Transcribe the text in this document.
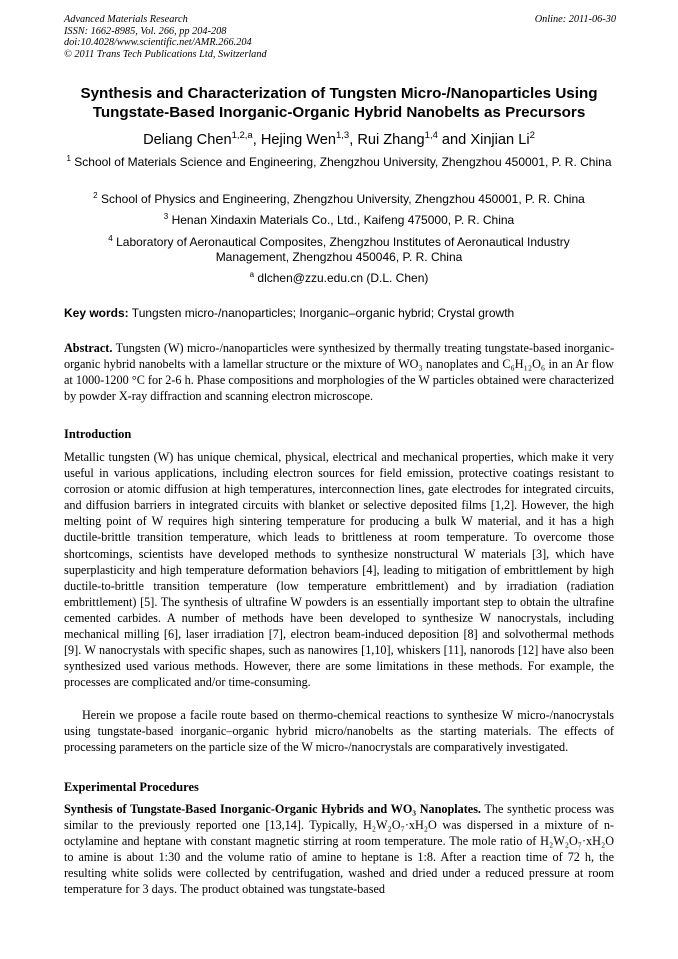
Advanced Materials Research
ISSN: 1662-8985, Vol. 266, pp 204-208
doi:10.4028/www.scientific.net/AMR.266.204
© 2011 Trans Tech Publications Ltd, Switzerland
Online: 2011-06-30
Synthesis and Characterization of Tungsten Micro-/Nanoparticles Using Tungstate-Based Inorganic-Organic Hybrid Nanobelts as Precursors
Deliang Chen$^{1,2,a}$, Hejing Wen$^{1,3}$, Rui Zhang$^{1,4}$ and Xinjian Li$^2$
$^1$ School of Materials Science and Engineering, Zhengzhou University, Zhengzhou 450001, P. R. China
$^2$ School of Physics and Engineering, Zhengzhou University, Zhengzhou 450001, P. R. China
$^3$ Henan Xindaxin Materials Co., Ltd., Kaifeng 475000, P. R. China
$^4$ Laboratory of Aeronautical Composites, Zhengzhou Institutes of Aeronautical Industry Management, Zhengzhou 450046, P. R. China
$^a$ dlchen@zzu.edu.cn (D.L. Chen)
Key words: Tungsten micro-/nanoparticles; Inorganic–organic hybrid; Crystal growth
Abstract. Tungsten (W) micro-/nanoparticles were synthesized by thermally treating tungstate-based inorganic-organic hybrid nanobelts with a lamellar structure or the mixture of WO₃ nanoplates and C₆H₁₂O₆ in an Ar flow at 1000-1200 °C for 2-6 h. Phase compositions and morphologies of the W particles obtained were characterized by powder X-ray diffraction and scanning electron microscope.
Introduction
Metallic tungsten (W) has unique chemical, physical, electrical and mechanical properties, which make it very useful in various applications, including electron sources for field emission, protective coatings resistant to corrosion or atomic diffusion at high temperatures, interconnection lines, gate electrodes for integrated circuits, and diffusion barriers in integrated circuits with blanket or selective deposited films [1,2]. However, the high melting point of W requires high sintering temperature for producing a bulk W material, and it has a high ductile-brittle transition temperature, which leads to brittleness at room temperature. To overcome those shortcomings, scientists have developed methods to synthesize nonstructural W materials [3], which have superplasticity and high temperature deformation behaviors [4], leading to mitigation of embrittlement by high ductile-to-brittle transition temperature (low temperature embrittlement) and by irradiation (radiation embrittlement) [5]. The synthesis of ultrafine W powders is an essentially important step to obtain the ultrafine cemented carbides. A number of methods have been developed to synthesize W nanocrystals, including mechanical milling [6], laser irradiation [7], electron beam-induced deposition [8] and solvothermal methods [9]. W nanocrystals with specific shapes, such as nanowires [1,10], whiskers [11], nanorods [12] have also been synthesized used various methods. However, there are some limitations in these methods. For example, the processes are complicated and/or time-consuming.
Herein we propose a facile route based on thermo-chemical reactions to synthesize W micro-/nanocrystals using tungstate-based inorganic–organic hybrid micro/nanobelts as the starting materials. The effects of processing parameters on the particle size of the W micro-/nanocrystals are comparatively investigated.
Experimental Procedures
Synthesis of Tungstate-Based Inorganic-Organic Hybrids and WO₃ Nanoplates. The synthetic process was similar to the previously reported one [13,14]. Typically, H₂W₂O₇·xH₂O was dispersed in a mixture of n-octylamine and heptane with constant magnetic stirring at room temperature. The mole ratio of H₂W₂O₇·xH₂O to amine is about 1:30 and the volume ratio of amine to heptane is 1:8. After a reaction time of 72 h, the resulting white solids were collected by centrifugation, washed and dried under a reduced pressure at room temperature for 3 days. The product obtained was tungstate-based
